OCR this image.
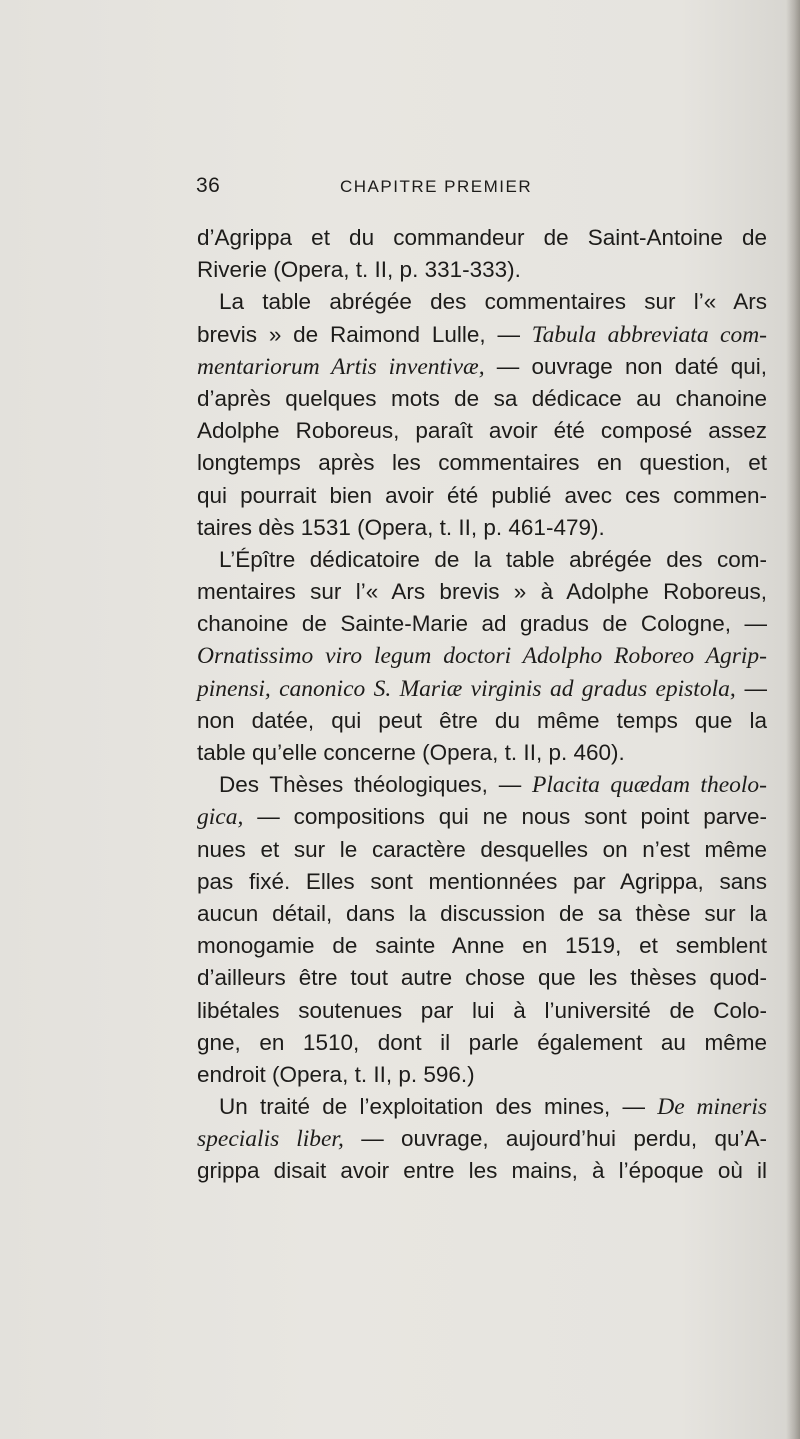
36	CHAPITRE PREMIER
d’Agrippa et du commandeur de Saint-Antoine de
Riverie (Opera, t. II, p. 331-333).
La table abrégée des commentaires sur l’« Ars
brevis » de Raimond Lulle, — Tabula abbreviata com-
mentariorum Artis inventivæ, — ouvrage non daté qui,
d’après quelques mots de sa dédicace au chanoine
Adolphe Roboreus, paraît avoir été composé assez
longtemps après les commentaires en question, et
qui pourrait bien avoir été publié avec ces commen-
taires dès 1531 (Opera, t. II, p. 461-479).
L’Épître dédicatoire de la table abrégée des com-
mentaires sur l’« Ars brevis » à Adolphe Roboreus,
chanoine de Sainte-Marie ad gradus de Cologne, —
Ornatissimo viro legum doctori Adolpho Roboreo Agrip-
pinensi, canonico S. Mariæ virginis ad gradus epistola, —
non datée, qui peut être du même temps que la
table qu’elle concerne (Opera, t. II, p. 460).
Des Thèses théologiques, — Placita quædam theolo-
gica, — compositions qui ne nous sont point parve-
nues et sur le caractère desquelles on n’est même
pas fixé. Elles sont mentionnées par Agrippa, sans
aucun détail, dans la discussion de sa thèse sur la
monogamie de sainte Anne en 1519, et semblent
d’ailleurs être tout autre chose que les thèses quod-
libétales soutenues par lui à l’université de Colo-
gne, en 1510, dont il parle également au même
endroit (Opera, t. II, p. 596.)
Un traité de l’exploitation des mines, — De mineris
specialis liber, — ouvrage, aujourd’hui perdu, qu’A-
grippa disait avoir entre les mains, à l’époque où il
